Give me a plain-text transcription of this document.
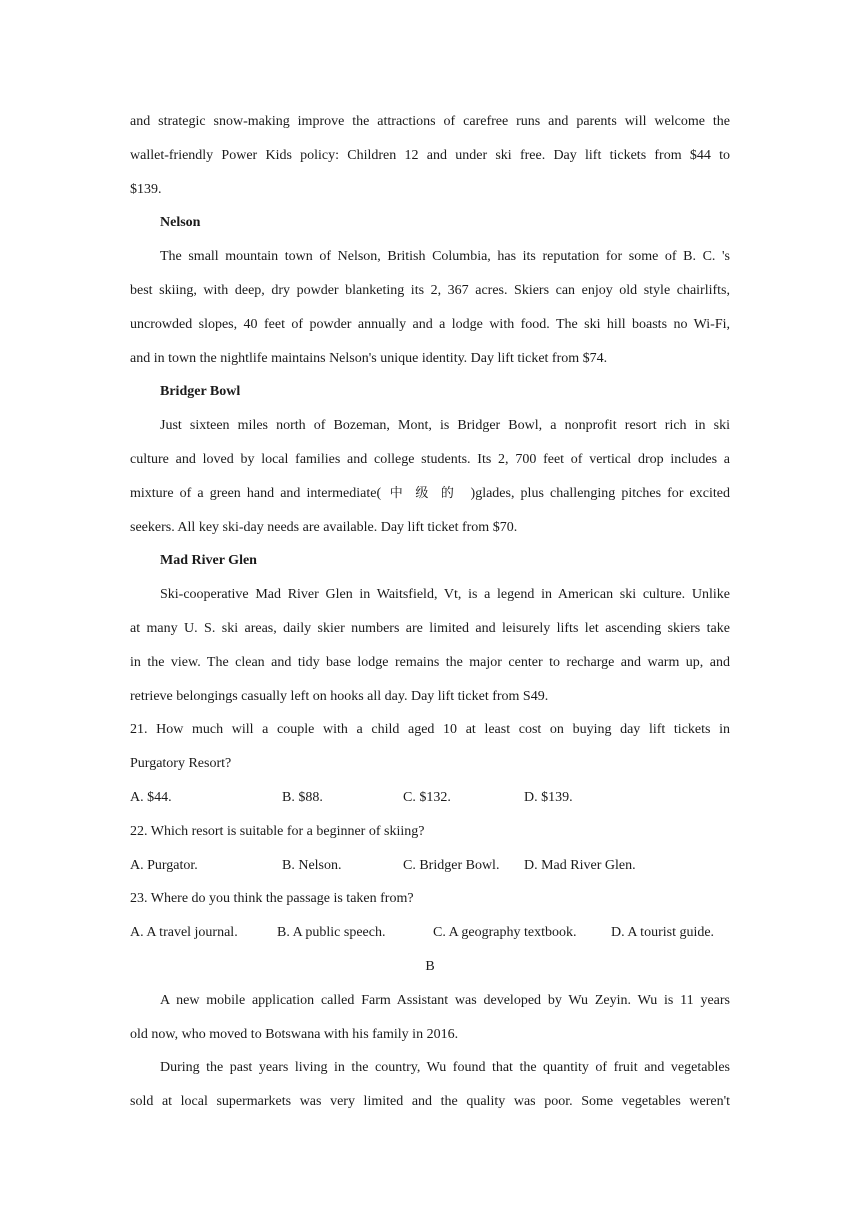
and strategic snow-making improve the attractions of carefree runs and parents will welcome the
wallet-friendly Power Kids policy: Children 12 and under ski free. Day lift tickets from $44 to
$139.
Nelson
The small mountain town of Nelson, British Columbia, has its reputation for some of B. C. 's
best skiing, with deep, dry powder blanketing its 2, 367 acres. Skiers can enjoy old style chairlifts,
uncrowded slopes, 40 feet of powder annually and a lodge with food. The ski hill boasts no Wi-Fi,
and in town the nightlife maintains Nelson's unique identity. Day lift ticket from $74.
Bridger Bowl
Just sixteen miles north of Bozeman, Mont, is Bridger Bowl, a nonprofit resort rich in ski
culture and loved by local families and college students. Its 2, 700 feet of vertical drop includes a
mixture of a green hand and intermediate( 中级的 )glades, plus challenging pitches for excited
seekers. All key ski-day needs are available. Day lift ticket from $70.
Mad River Glen
Ski-cooperative Mad River Glen in Waitsfield, Vt, is a legend in American ski culture. Unlike
at many U. S. ski areas, daily skier numbers are limited and leisurely lifts let ascending skiers take
in the view. The clean and tidy base lodge remains the major center to recharge and warm up, and
retrieve belongings casually left on hooks all day. Day lift ticket from S49.
21. How much will a couple with a child aged 10 at least cost on buying day lift tickets in
Purgatory Resort?
A. $44.	B. $88.	C. $132.	D. $139.
22. Which resort is suitable for a beginner of skiing?
A. Purgator.	B. Nelson.	C. Bridger Bowl.	D. Mad River Glen.
23. Where do you think the passage is taken from?
A. A travel journal.	B. A public speech.	C. A geography textbook.	D. A tourist guide.
B
A new mobile application called Farm Assistant was developed by Wu Zeyin. Wu is 11 years
old now, who moved to Botswana with his family in 2016.
During the past years living in the country, Wu found that the quantity of fruit and vegetables
sold at local supermarkets was very limited and the quality was poor. Some vegetables weren't
